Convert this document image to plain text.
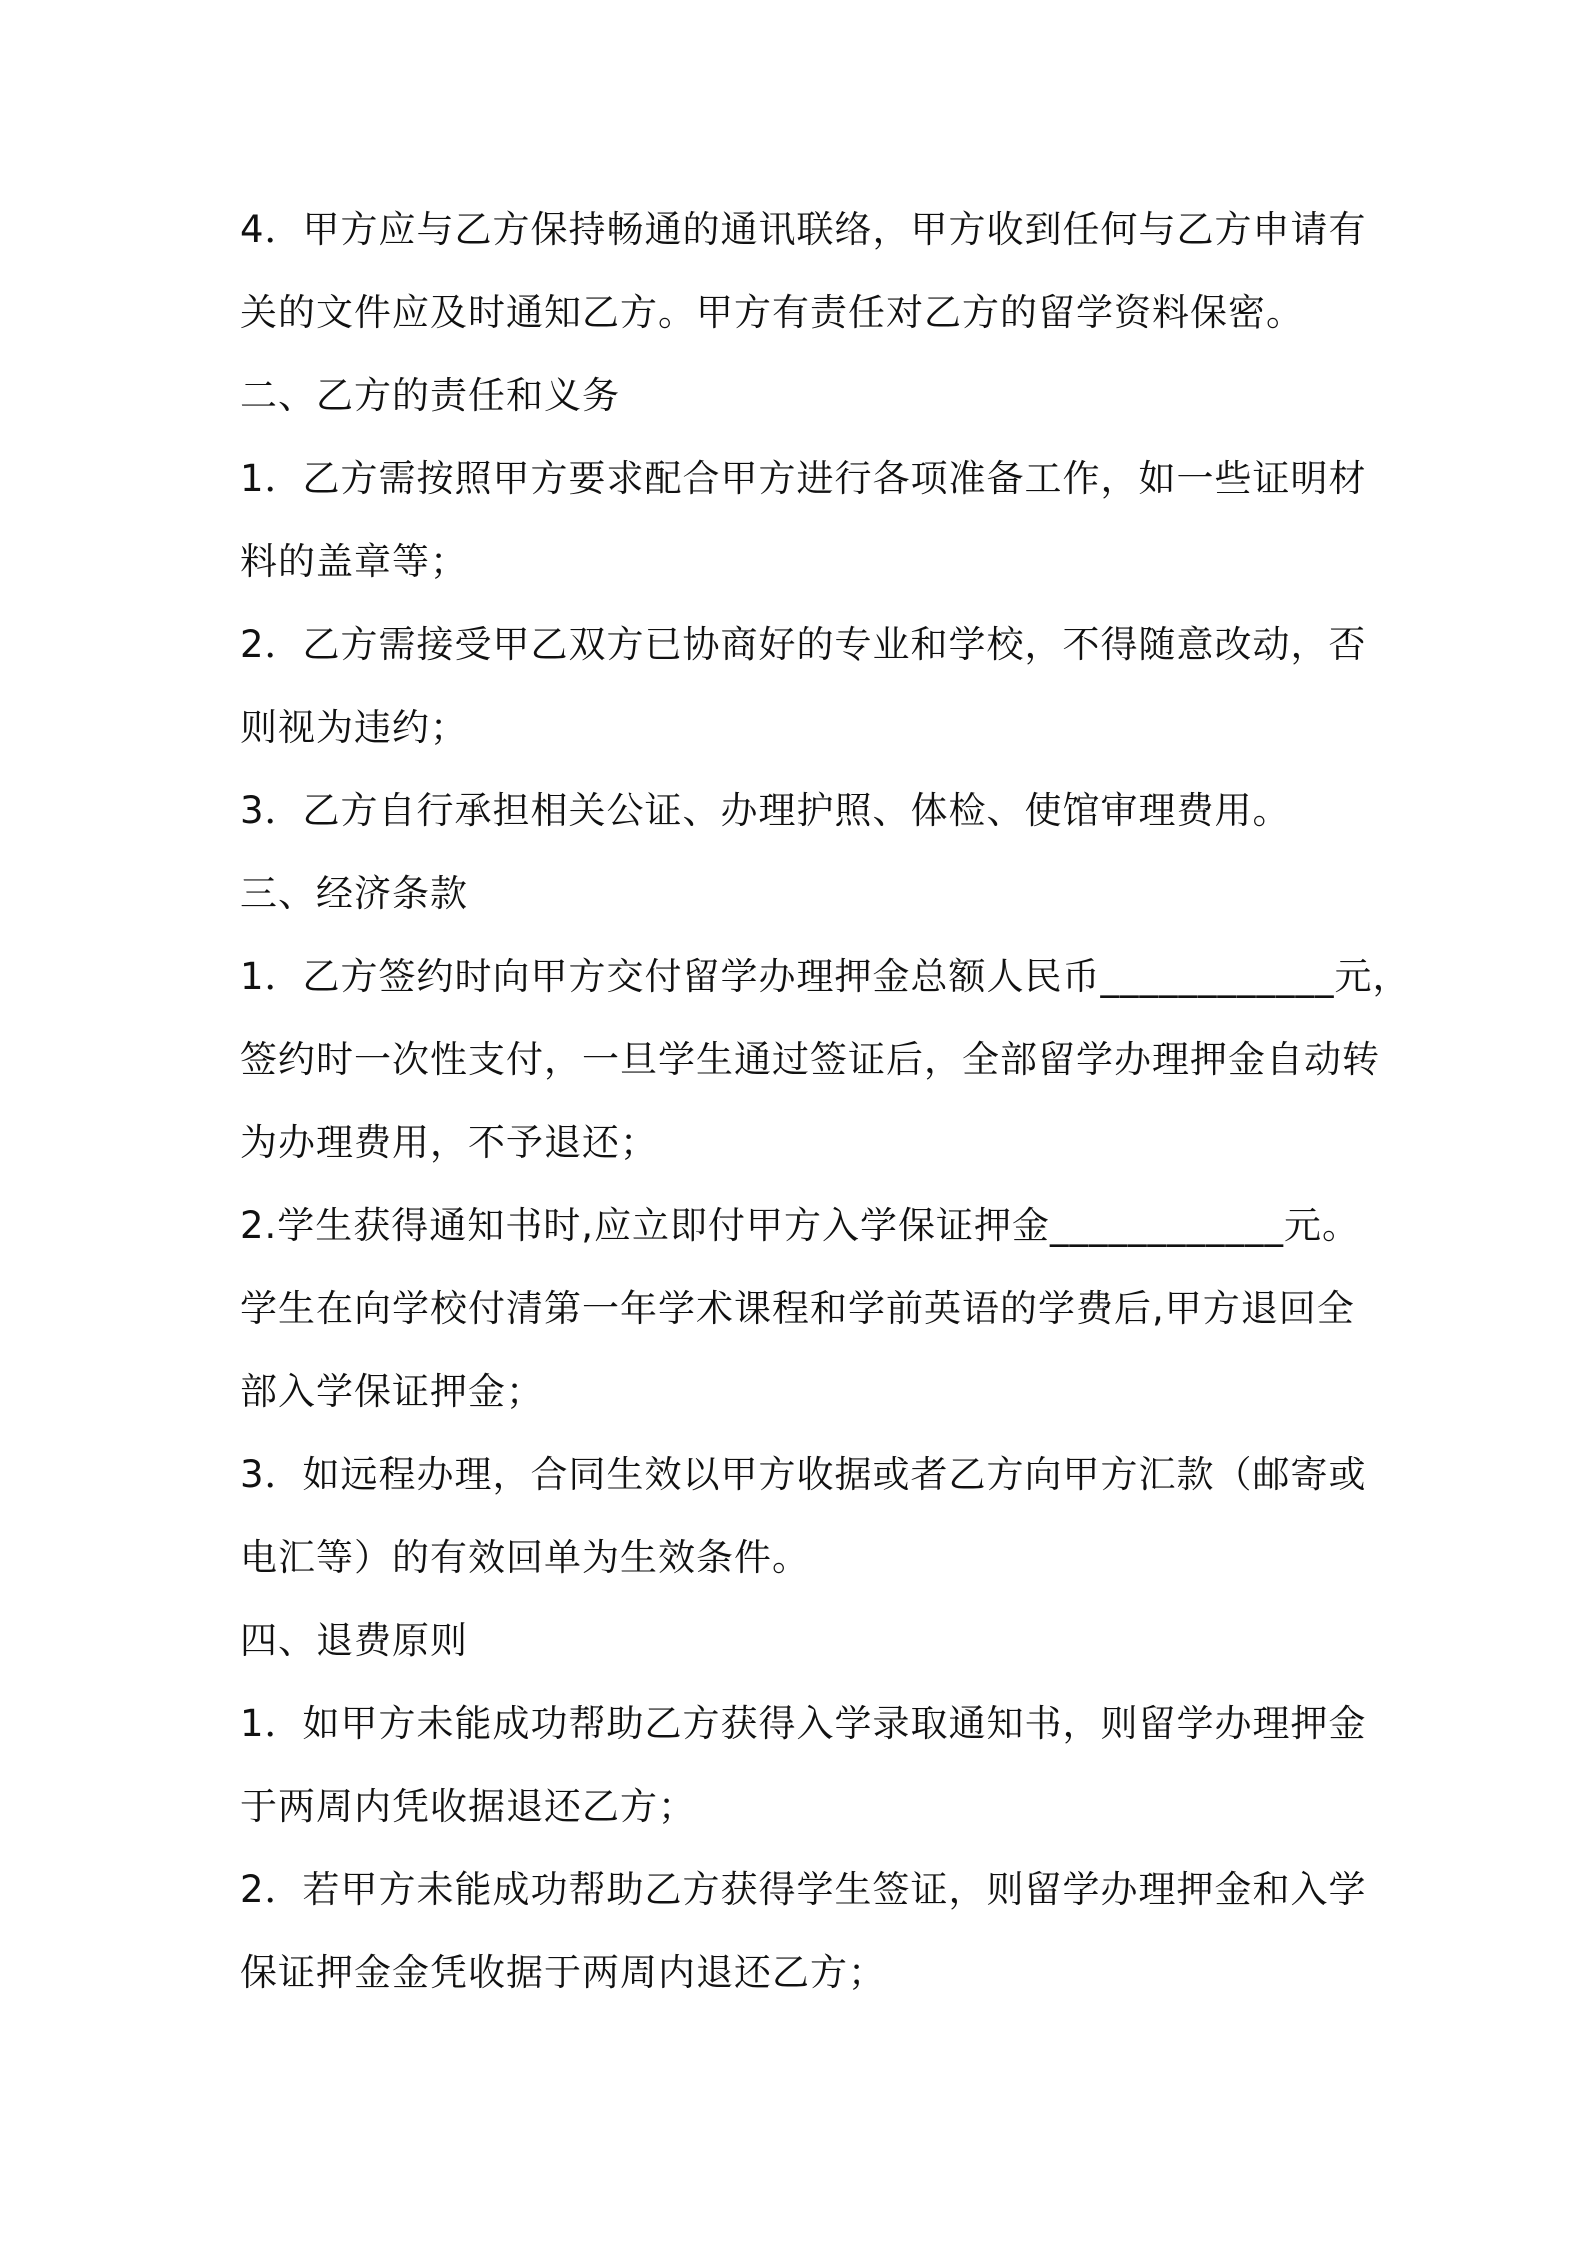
4．甲方应与乙方保持畅通的通讯联络，甲方收到任何与乙方申请有
关的文件应及时通知乙方。甲方有责任对乙方的留学资料保密。
二、乙方的责任和义务
1．乙方需按照甲方要求配合甲方进行各项准备工作，如一些证明材
料的盖章等；
2．乙方需接受甲乙双方已协商好的专业和学校，不得随意改动，否
则视为违约；
3．乙方自行承担相关公证、办理护照、体检、使馆审理费用。
三、经济条款
1．乙方签约时向甲方交付留学办理押金总额人民币____________元，
签约时一次性支付，一旦学生通过签证后，全部留学办理押金自动转
为办理费用，不予退还；
2.学生获得通知书时,应立即付甲方入学保证押金____________元。
学生在向学校付清第一年学术课程和学前英语的学费后,甲方退回全
部入学保证押金；
3．如远程办理，合同生效以甲方收据或者乙方向甲方汇款（邮寄或
电汇等）的有效回单为生效条件。
四、退费原则
1．如甲方未能成功帮助乙方获得入学录取通知书，则留学办理押金
于两周内凭收据退还乙方；
2．若甲方未能成功帮助乙方获得学生签证，则留学办理押金和入学
保证押金金凭收据于两周内退还乙方；
